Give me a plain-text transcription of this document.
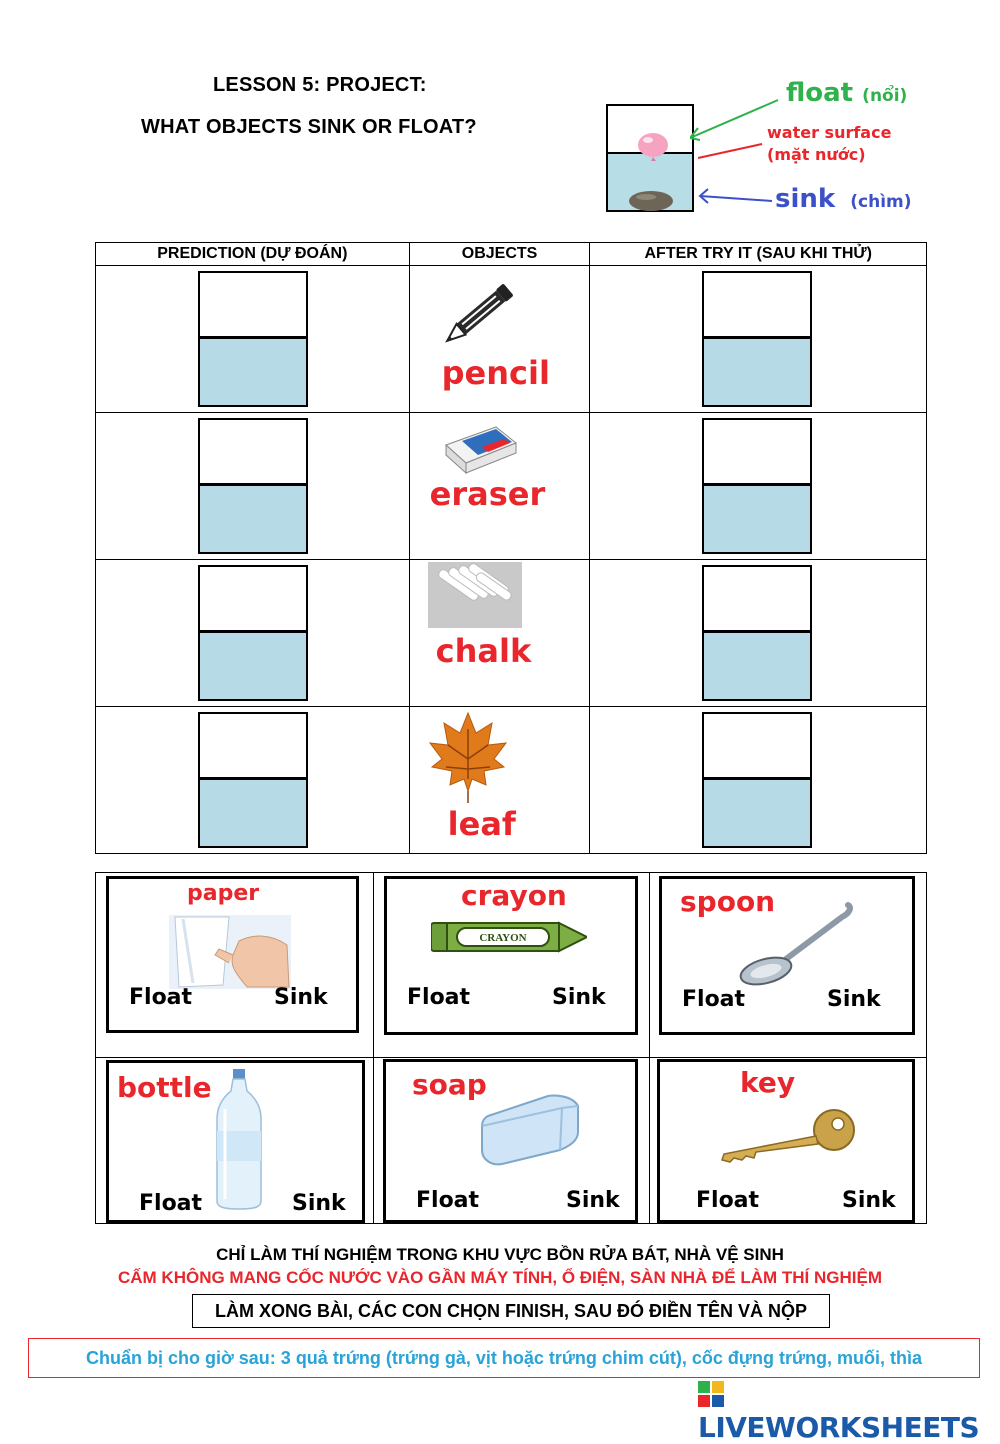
LESSON 5: PROJECT:
WHAT OBJECTS SINK OR FLOAT?
float (nổi)
water surface
(mặt nước)
sink (chìm)
PREDICTION (DỰ ĐOÁN)	OBJECTS	AFTER TRY IT (SAU KHI THỬ)

	pencil	

	eraser	

	chalk	

	leaf	

paper
Float	Sink
crayon
CRAYON
Float	Sink
spoon
Float	Sink
bottle
Float	Sink
soap
Float	Sink
key
Float	Sink
CHỈ LÀM THÍ NGHIỆM TRONG KHU VỰC BỒN RỬA BÁT, NHÀ VỆ SINH
CẤM KHÔNG MANG CỐC NƯỚC VÀO GẦN MÁY TÍNH, Ổ ĐIỆN, SÀN NHÀ ĐỂ LÀM THÍ NGHIỆM
LÀM XONG BÀI, CÁC CON CHỌN FINISH, SAU ĐÓ ĐIỀN TÊN VÀ NỘP
Chuẩn bị cho giờ sau: 3 quả trứng (trứng gà, vịt hoặc trứng chim cút), cốc đựng trứng, muối, thìa
LIVEWORKSHEETS
